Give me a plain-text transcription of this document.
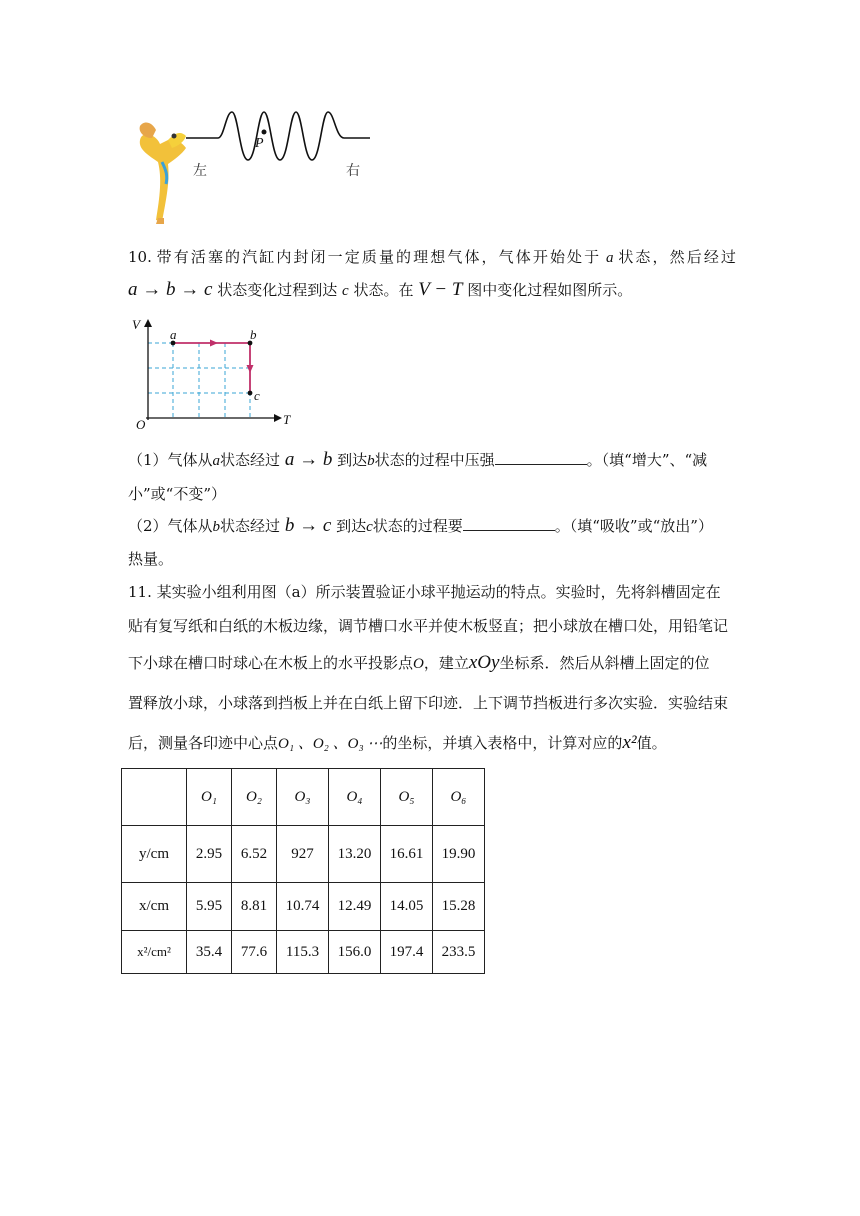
P
左	右
10. 带有活塞的汽缸内封闭一定质量的理想气体，气体开始处于 a 状态，然后经过
a → b → c 状态变化过程到达 c 状态。在 V − T 图中变化过程如图所示。
V
T
O
a	b
c
（1）气体从a状态经过 a → b 到达b状态的过程中压强	。（填“增大”、“减
小”或“不变”）
（2）气体从b状态经过 b → c 到达c状态的过程要	。（填“吸收”或“放出”）
热量。
11. 某实验小组利用图（a）所示装置验证小球平抛运动的特点。实验时，先将斜槽固定在
贴有复写纸和白纸的木板边缘，调节槽口水平并使木板竖直；把小球放在槽口处，用铅笔记
下小球在槽口时球心在木板上的水平投影点O，建立xOy坐标系．然后从斜槽上固定的位
置释放小球，小球落到挡板上并在白纸上留下印迹．上下调节挡板进行多次实验．实验结束
后，测量各印迹中心点O₁ 、O₂ 、O₃ ⋯的坐标，并填入表格中，计算对应的x²值。
	O₁	O₂	O₃	O₄	O₅	O₆
y/cm	2.95	6.52	927	13.20	16.61	19.90
x/cm	5.95	8.81	10.74	12.49	14.05	15.28
x²/cm²	35.4	77.6	115.3	156.0	197.4	233.5
